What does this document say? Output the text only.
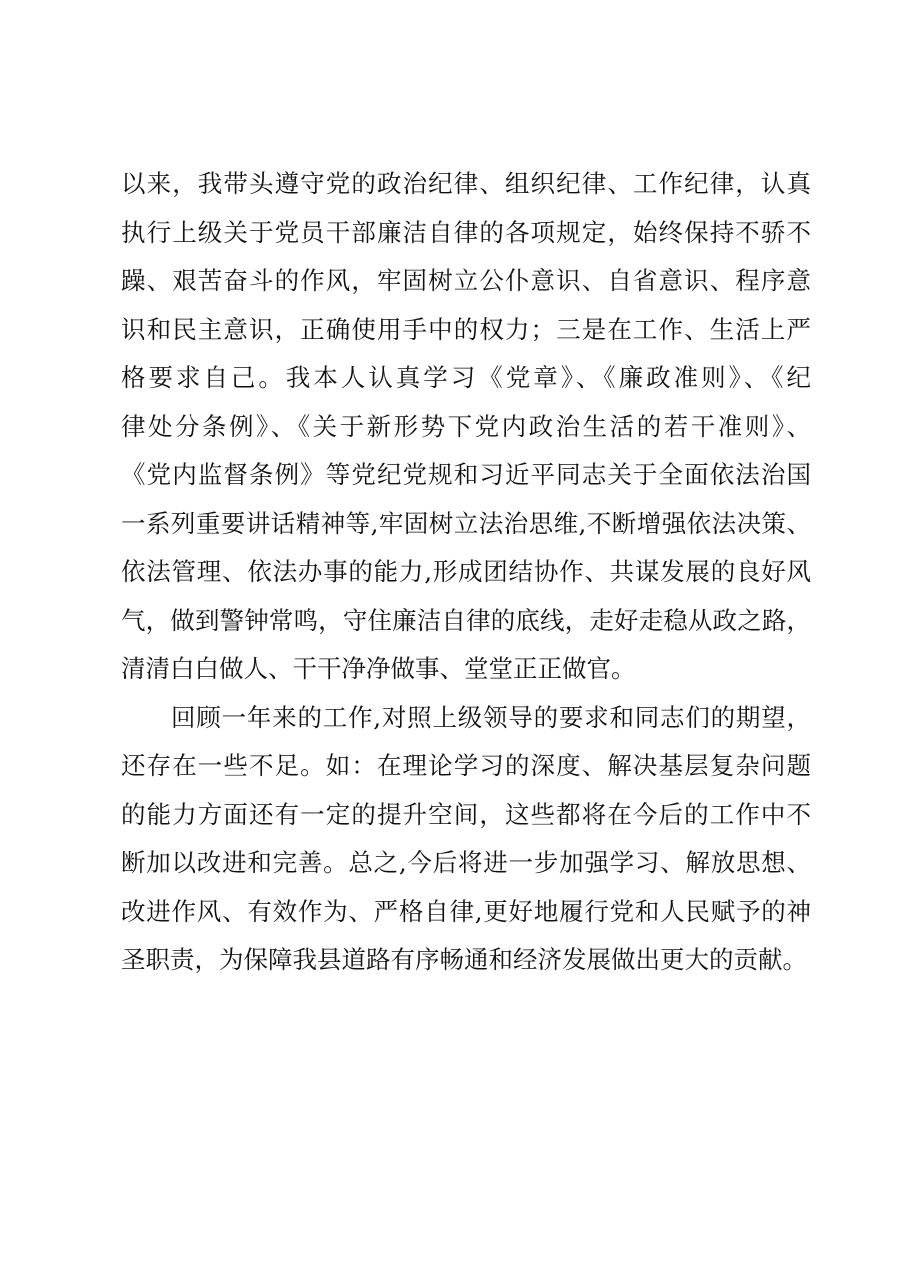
以来，我带头遵守党的政治纪律、组织纪律、工作纪律，认真
执行上级关于党员干部廉洁自律的各项规定，始终保持不骄不
躁、艰苦奋斗的作风，牢固树立公仆意识、自省意识、程序意
识和民主意识，正确使用手中的权力；三是在工作、生活上严
格要求自己。我本人认真学习《党章》、《廉政准则》、《纪
律处分条例》、《关于新形势下党内政治生活的若干准则》、
《党内监督条例》等党纪党规和习近平同志关于全面依法治国
一系列重要讲话精神等,牢固树立法治思维,不断增强依法决策、
依法管理、依法办事的能力,形成团结协作、共谋发展的良好风
气，做到警钟常鸣，守住廉洁自律的底线，走好走稳从政之路，
清清白白做人、干干净净做事、堂堂正正做官。
回顾一年来的工作,对照上级领导的要求和同志们的期望，
还存在一些不足。如：在理论学习的深度、解决基层复杂问题
的能力方面还有一定的提升空间，这些都将在今后的工作中不
断加以改进和完善。总之,今后将进一步加强学习、解放思想、
改进作风、有效作为、严格自律,更好地履行党和人民赋予的神
圣职责，为保障我县道路有序畅通和经济发展做出更大的贡献。
